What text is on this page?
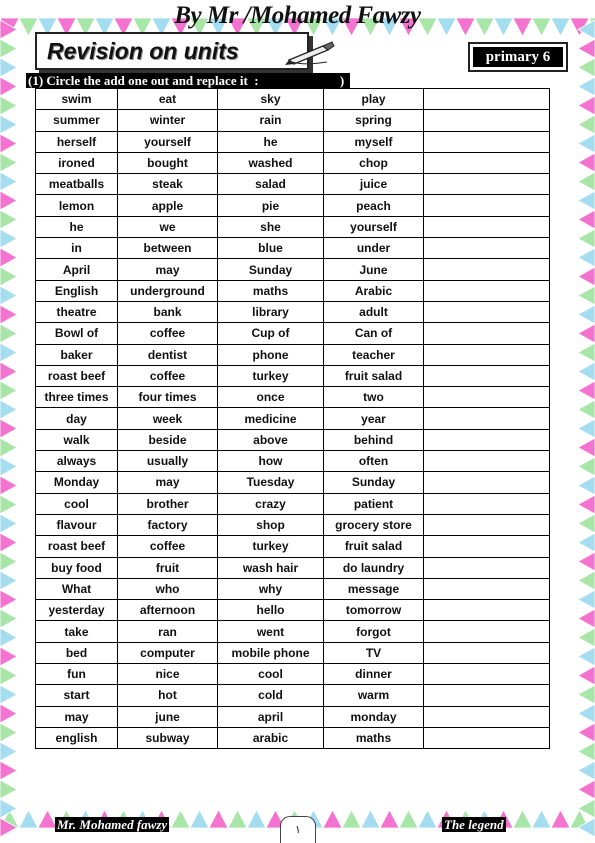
By Mr /Mohamed Fawzy
Revision on units	primary 6
(1) Circle the add one out and replace it  :                         )
swim	eat	sky	play	
summer	winter	rain	spring	
herself	yourself	he	myself	
ironed	bought	washed	chop	
meatballs	steak	salad	juice	
lemon	apple	pie	peach	
he	we	she	yourself	
in	between	blue	under	
April	may	Sunday	June	
English	underground	maths	Arabic	
theatre	bank	library	adult	
Bowl of	coffee	Cup of	Can of	
baker	dentist	phone	teacher	
roast beef	coffee	turkey	fruit salad	
three times	four times	once	two	
day	week	medicine	year	
walk	beside	above	behind	
always	usually	how	often	
Monday	may	Tuesday	Sunday	
cool	brother	crazy	patient	
flavour	factory	shop	grocery store	
roast beef	coffee	turkey	fruit salad	
buy food	fruit	wash hair	do laundry	
What	who	why	message	
yesterday	afternoon	hello	tomorrow	
take	ran	went	forgot	
bed	computer	mobile phone	TV	
fun	nice	cool	dinner	
start	hot	cold	warm	
may	june	april	monday	
english	subway	arabic	maths	
Mr. Mohamed fawzy	١	The legend
